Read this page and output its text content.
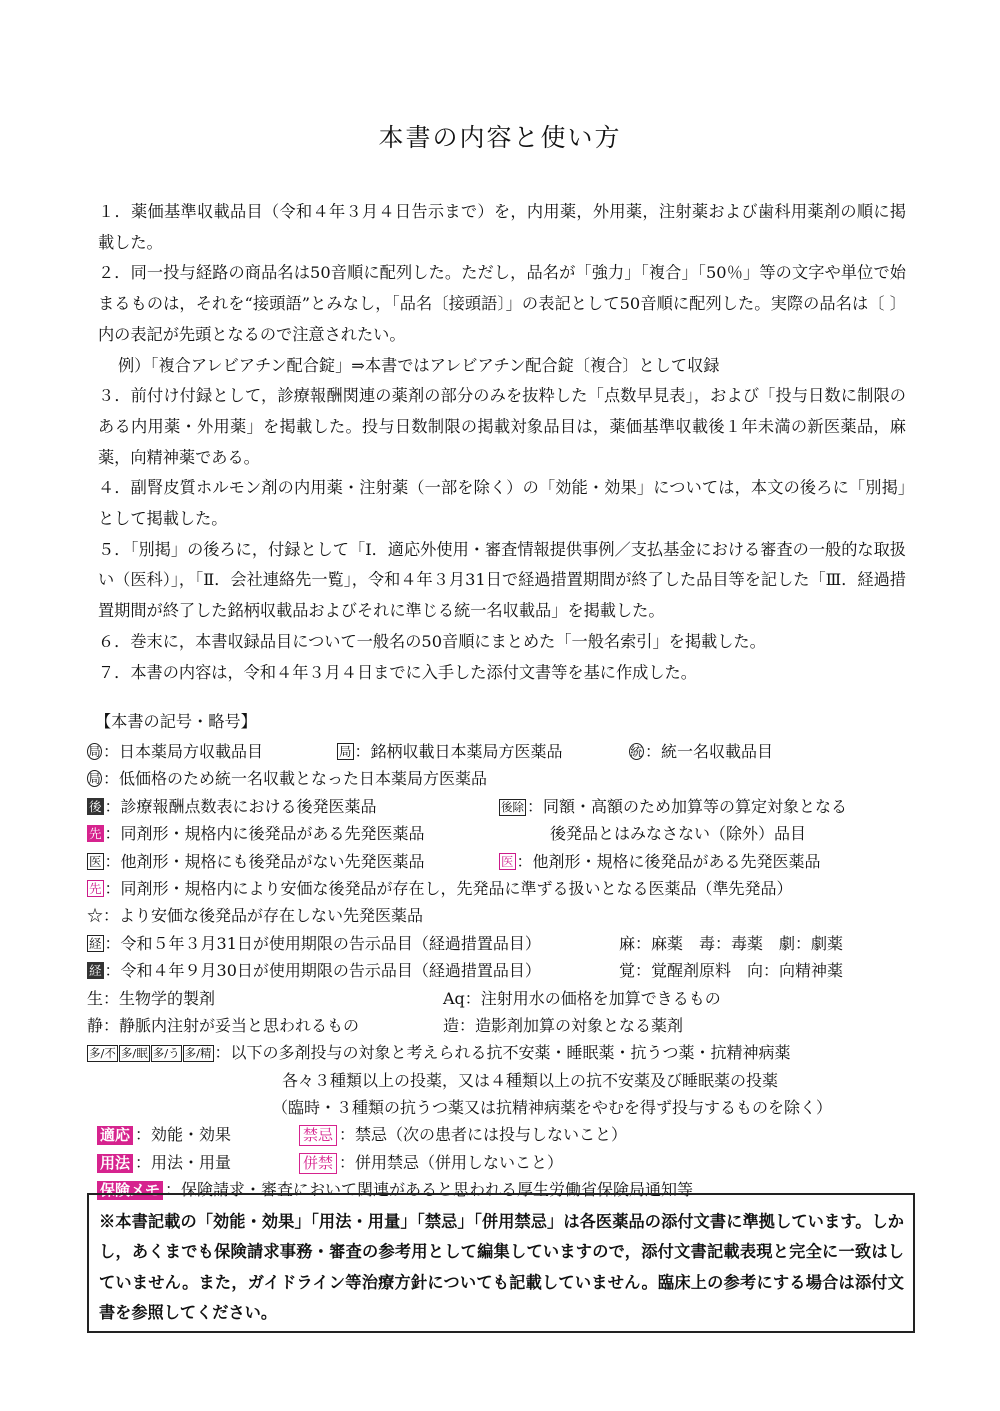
本書の内容と使い方

１．薬価基準収載品目（令和４年３月４日告示まで）を，内用薬，外用薬，注射薬および歯科用薬剤の順に掲載した。

２．同一投与経路の商品名は50音順に配列した。ただし，品名が「強力」「複合」「50％」等の文字や単位で始まるものは，それを“接頭語”とみなし，「品名〔接頭語〕」の表記として50音順に配列した。実際の品名は〔 〕内の表記が先頭となるので注意されたい。

例）「複合アレビアチン配合錠」⇒本書ではアレビアチン配合錠〔複合〕として収録

３．前付け付録として，診療報酬関連の薬剤の部分のみを抜粋した「点数早見表」，および「投与日数に制限のある内用薬・外用薬」を掲載した。投与日数制限の掲載対象品目は，薬価基準収載後１年未満の新医薬品，麻薬，向精神薬である。

４．副腎皮質ホルモン剤の内用薬・注射薬（一部を除く）の「効能・効果」については，本文の後ろに「別掲」として掲載した。

５．「別掲」の後ろに，付録として「Ⅰ．適応外使用・審査情報提供事例／支払基金における審査の一般的な取扱い（医科）」，「Ⅱ．会社連絡先一覧」，令和４年３月31日で経過措置期間が終了した品目等を記した「Ⅲ．経過措置期間が終了した銘柄収載品およびそれに準じる統一名収載品」を掲載した。

６．巻末に，本書収録品目について一般名の50音順にまとめた「一般名索引」を掲載した。

７．本書の内容は，令和４年３月４日までに入手した添付文書等を基に作成した。

【本書の記号・略号】

局 ：日本薬局方収載品目	局 ：銘柄収載日本薬局方医薬品	統 ：統一名収載品目
局 ：低価格のため統一名収載となった日本薬局方医薬品
後 ：診療報酬点数表における後発医薬品	後除 ：同額・高額のため加算等の算定対象となる
先 ：同剤形・規格内に後発品がある先発医薬品	後発品とはみなさない（除外）品目
医 ：他剤形・規格にも後発品がない先発医薬品	医 ：他剤形・規格に後発品がある先発医薬品
先 ：同剤形・規格内により安価な後発品が存在し，先発品に準ずる扱いとなる医薬品（準先発品）
☆：より安価な後発品が存在しない先発医薬品
経 ：令和５年３月31日が使用期限の告示品目（経過措置品目）	麻：麻薬　毒：毒薬　劇：劇薬
経 ：令和４年９月30日が使用期限の告示品目（経過措置品目）	覚：覚醒剤原料　向：向精神薬
生：生物学的製剤	Aq：注射用水の価格を加算できるもの
静：静脈内注射が妥当と思われるもの	造：造影剤加算の対象となる薬剤
多/不 多/眠 多/う 多/精 ：以下の多剤投与の対象と考えられる抗不安薬・睡眠薬・抗うつ薬・抗精神病薬
各々３種類以上の投薬，又は４種類以上の抗不安薬及び睡眠薬の投薬
（臨時・３種類の抗うつ薬又は抗精神病薬をやむを得ず投与するものを除く）
適応 ：効能・効果	禁忌 ：禁忌（次の患者には投与しないこと）
用法 ：用法・用量	併禁 ：併用禁忌（併用しないこと）
保険メモ ：保険請求・審査において関連があると思われる厚生労働省保険局通知等

※本書記載の「効能・効果」「用法・用量」「禁忌」「併用禁忌」は各医薬品の添付文書に準拠しています。しかし，あくまでも保険請求事務・審査の参考用として編集していますので，添付文書記載表現と完全に一致はしていません。また，ガイドライン等治療方針についても記載していません。臨床上の参考にする場合は添付文書を参照してください。
